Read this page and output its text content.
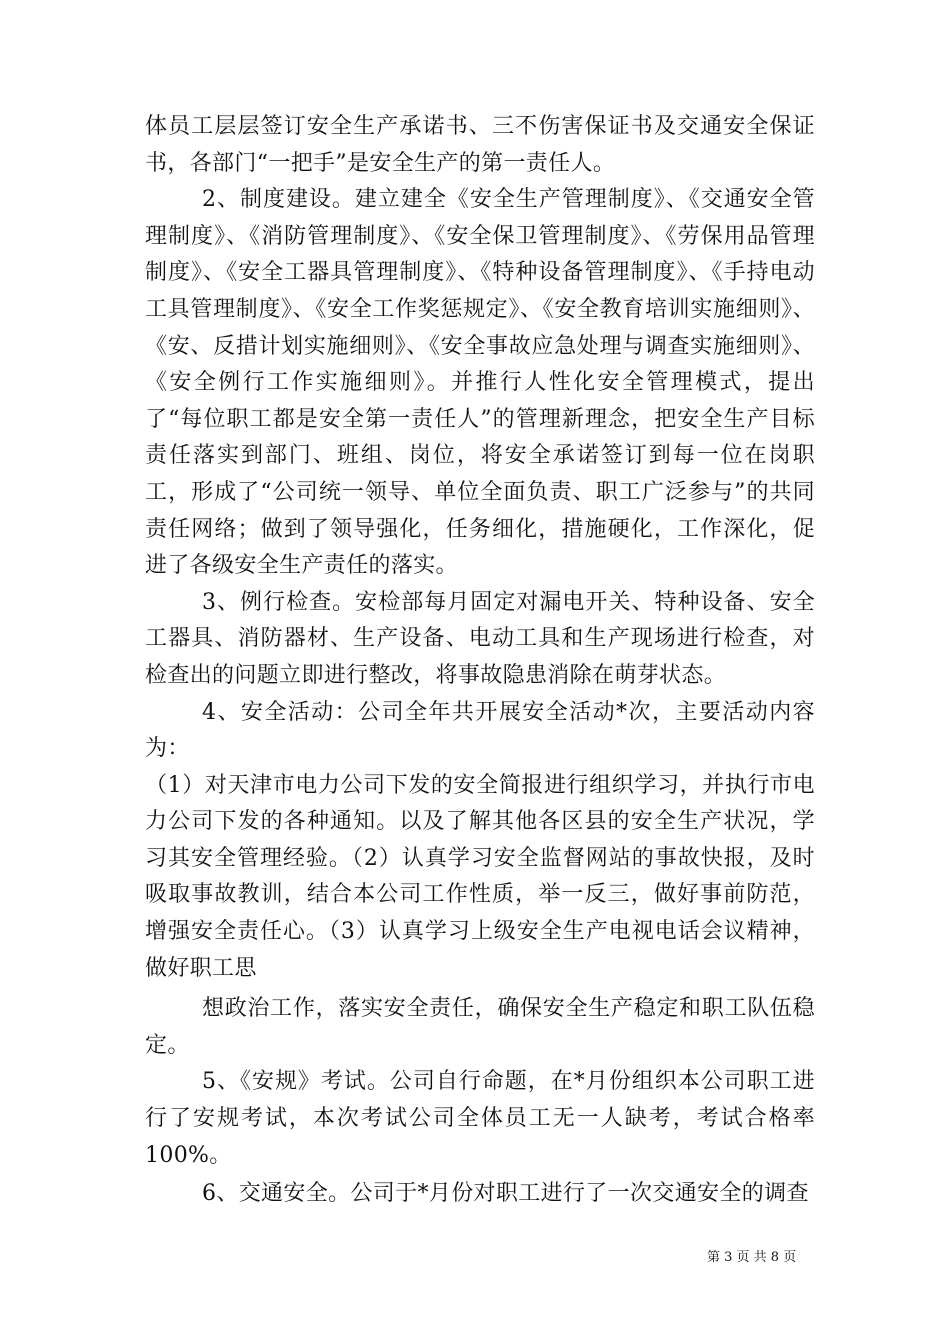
体员工层层签订安全生产承诺书、三不伤害保证书及交通安全保证书，各部门“一把手”是安全生产的第一责任人。

2、制度建设。建立建全《安全生产管理制度》、《交通安全管理制度》、《消防管理制度》、《安全保卫管理制度》、《劳保用品管理制度》、《安全工器具管理制度》、《特种设备管理制度》、《手持电动工具管理制度》、《安全工作奖惩规定》、《安全教育培训实施细则》、《安、反措计划实施细则》、《安全事故应急处理与调查实施细则》、《安全例行工作实施细则》。并推行人性化安全管理模式，提出了“每位职工都是安全第一责任人”的管理新理念，把安全生产目标责任落实到部门、班组、岗位，将安全承诺签订到每一位在岗职工，形成了“公司统一领导、单位全面负责、职工广泛参与”的共同责任网络；做到了领导强化，任务细化，措施硬化，工作深化，促进了各级安全生产责任的落实。

3、例行检查。安检部每月固定对漏电开关、特种设备、安全工器具、消防器材、生产设备、电动工具和生产现场进行检查，对检查出的问题立即进行整改，将事故隐患消除在萌芽状态。

4、安全活动：公司全年共开展安全活动*次，主要活动内容为：

（1）对天津市电力公司下发的安全简报进行组织学习，并执行市电力公司下发的各种通知。以及了解其他各区县的安全生产状况，学习其安全管理经验。（2）认真学习安全监督网站的事故快报，及时吸取事故教训，结合本公司工作性质，举一反三，做好事前防范，增强安全责任心。（3）认真学习上级安全生产电视电话会议精神，做好职工思

想政治工作，落实安全责任，确保安全生产稳定和职工队伍稳定。

5、《安规》考试。公司自行命题，在*月份组织本公司职工进行了安规考试，本次考试公司全体员工无一人缺考，考试合格率100%。

6、交通安全。公司于*月份对职工进行了一次交通安全的调查

第 3 页 共 8 页
